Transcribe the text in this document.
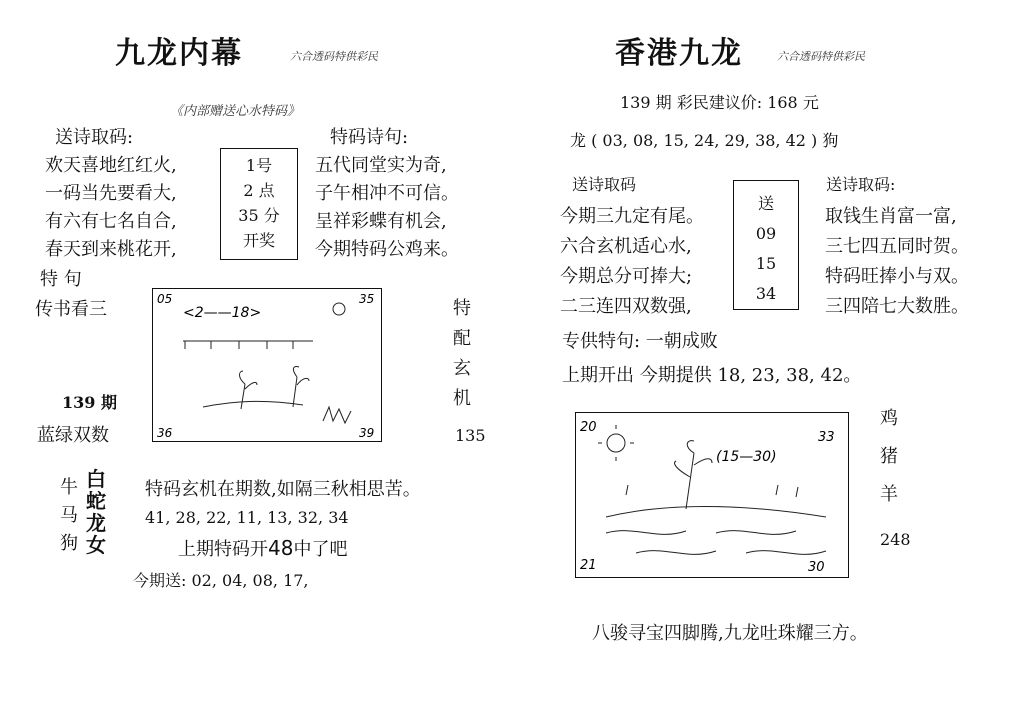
九龙内幕	六合透码特供彩民
《内部赠送心水特码》
送诗取码:	特码诗句:
欢天喜地红红火,
一码当先要看大,
有六有七名自合,
春天到来桃花开,
1号
2 点
35 分
开奖
五代同堂实为奇,
子午相冲不可信。
呈祥彩蝶有机会,
今期特码公鸡来。
特 句
传书看三	05	35
36	39
<2——18>	特
配
玄
机
135
139 期
蓝绿双数
牛
马
狗
白
蛇
龙
女
特码玄机在期数,如隔三秋相思苦。
41, 28, 22, 11, 13, 32, 34
上期特码开48中了吧
今期送: 02, 04, 08, 17,
香港九龙	六合透码特供彩民
139 期 彩民建议价: 168 元
龙 ( 03, 08, 15, 24, 29, 38, 42 ) 狗
送诗取码	送诗取码:
今期三九定有尾。
六合玄机适心水,
今期总分可捧大;
二三连四双数强,
送
09
15
34
取钱生肖富一富,
三七四五同时贺。
特码旺捧小与双。
三四陪七大数胜。
专供特句: 一朝成败
上期开出 今期提供 18, 23, 38, 42。
20
33
21	30
(15—30)
鸡
猪
羊
248
八骏寻宝四脚腾,九龙吐珠耀三方。
